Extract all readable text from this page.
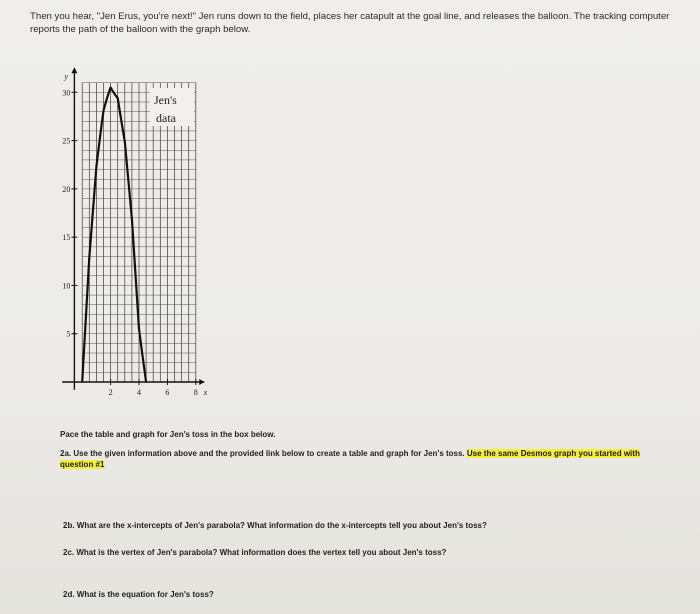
Then you hear, "Jen Erus, you're next!" Jen runs down to the field, places her catapult at the goal line, and releases the balloon. The tracking computer reports the path of the balloon with the graph below.
y
x
5
10
15
20
25
30
2	4	6	8
Jen's
data
Pace the table and graph for Jen's toss in the box below.
2a. Use the given information above and the provided link below to create a table and graph for Jen's toss. Use the same Desmos graph you started with question #1
2b. What are the x-intercepts of Jen's parabola? What information do the x-intercepts tell you about Jen's toss?
2c. What is the vertex of Jen's parabola? What information does the vertex tell you about Jen's toss?
2d. What is the equation for Jen's toss?
